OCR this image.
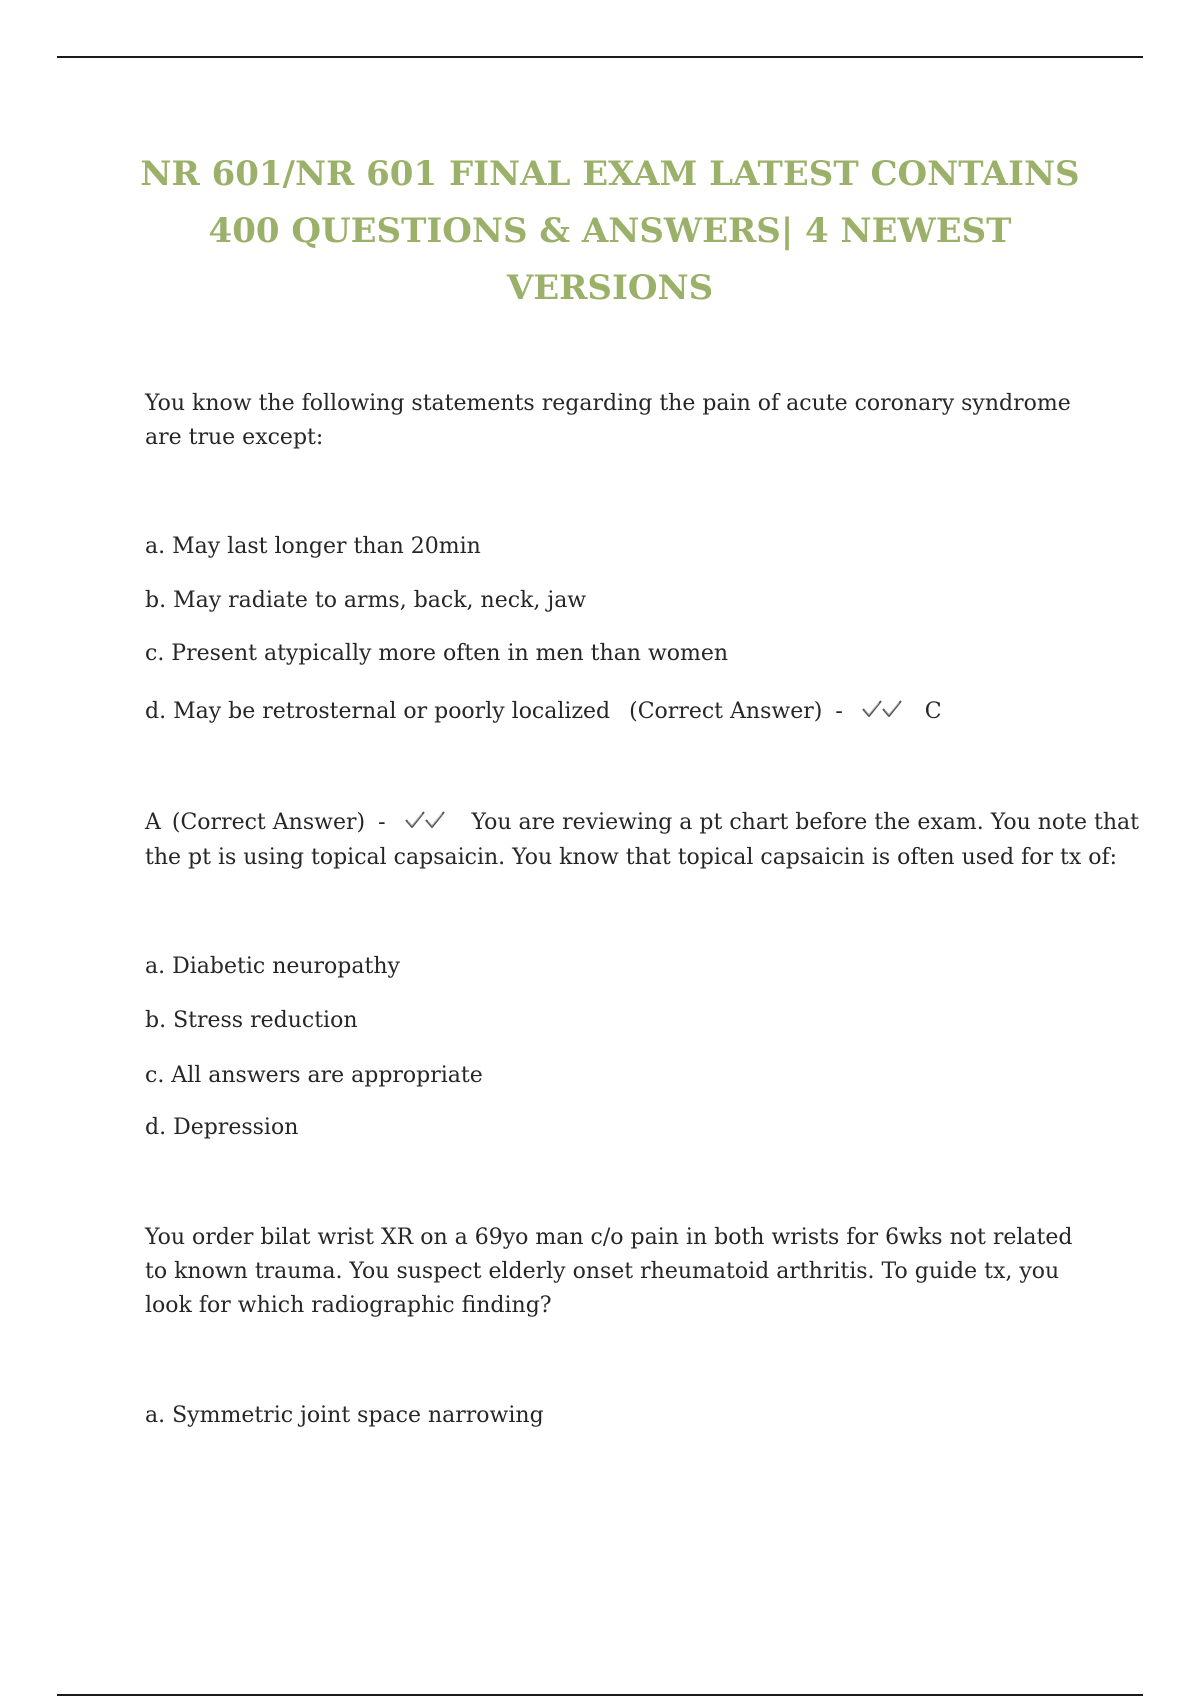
NR 601/NR 601 FINAL EXAM LATEST CONTAINS
400 QUESTIONS & ANSWERS| 4 NEWEST
VERSIONS

You know the following statements regarding the pain of acute coronary syndrome are true except:

a. May last longer than 20min

b. May radiate to arms, back, neck, jaw

c. Present atypically more often in men than women

d. May be retrosternal or poorly localized (Correct Answer) -	C

A (Correct Answer) -	You are reviewing a pt chart before the exam. You note that

the pt is using topical capsaicin. You know that topical capsaicin is often used for tx of:

a. Diabetic neuropathy

b. Stress reduction

c. All answers are appropriate

d. Depression

You order bilat wrist XR on a 69yo man c/o pain in both wrists for 6wks not related to known trauma. You suspect elderly onset rheumatoid arthritis. To guide tx, you look for which radiographic finding?

a. Symmetric joint space narrowing
